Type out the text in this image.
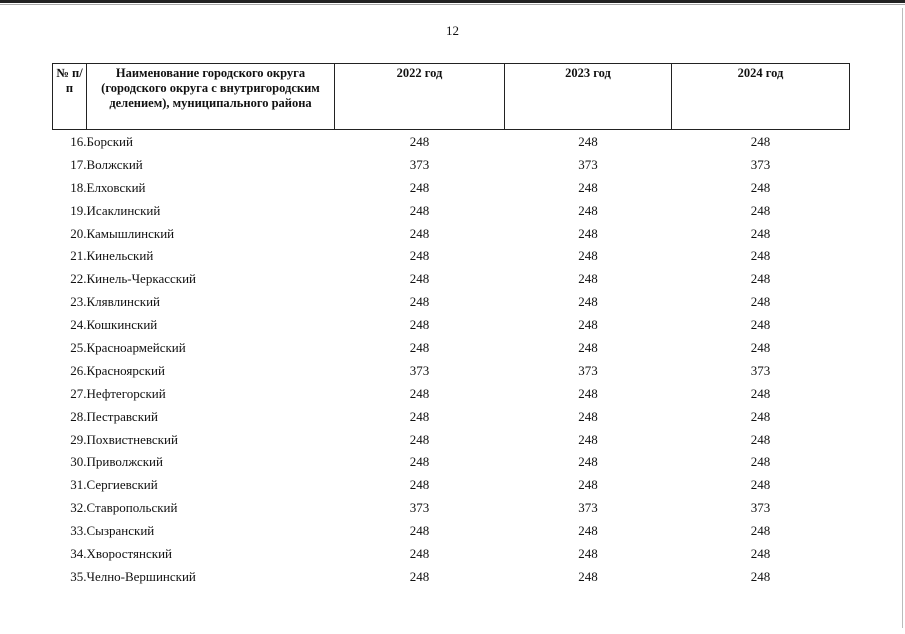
12
№ п/п	Наименование городского округа (городского округа с внутригородским делением), муниципального района	2022 год	2023 год	2024 год
16.	Борский	248	248	248
17.	Волжский	373	373	373
18.	Елховский	248	248	248
19.	Исаклинский	248	248	248
20.	Камышлинский	248	248	248
21.	Кинельский	248	248	248
22.	Кинель-Черкасский	248	248	248
23.	Клявлинский	248	248	248
24.	Кошкинский	248	248	248
25.	Красноармейский	248	248	248
26.	Красноярский	373	373	373
27.	Нефтегорский	248	248	248
28.	Пестравский	248	248	248
29.	Похвистневский	248	248	248
30.	Приволжский	248	248	248
31.	Сергиевский	248	248	248
32.	Ставропольский	373	373	373
33.	Сызранский	248	248	248
34.	Хворостянский	248	248	248
35.	Челно-Вершинский	248	248	248
